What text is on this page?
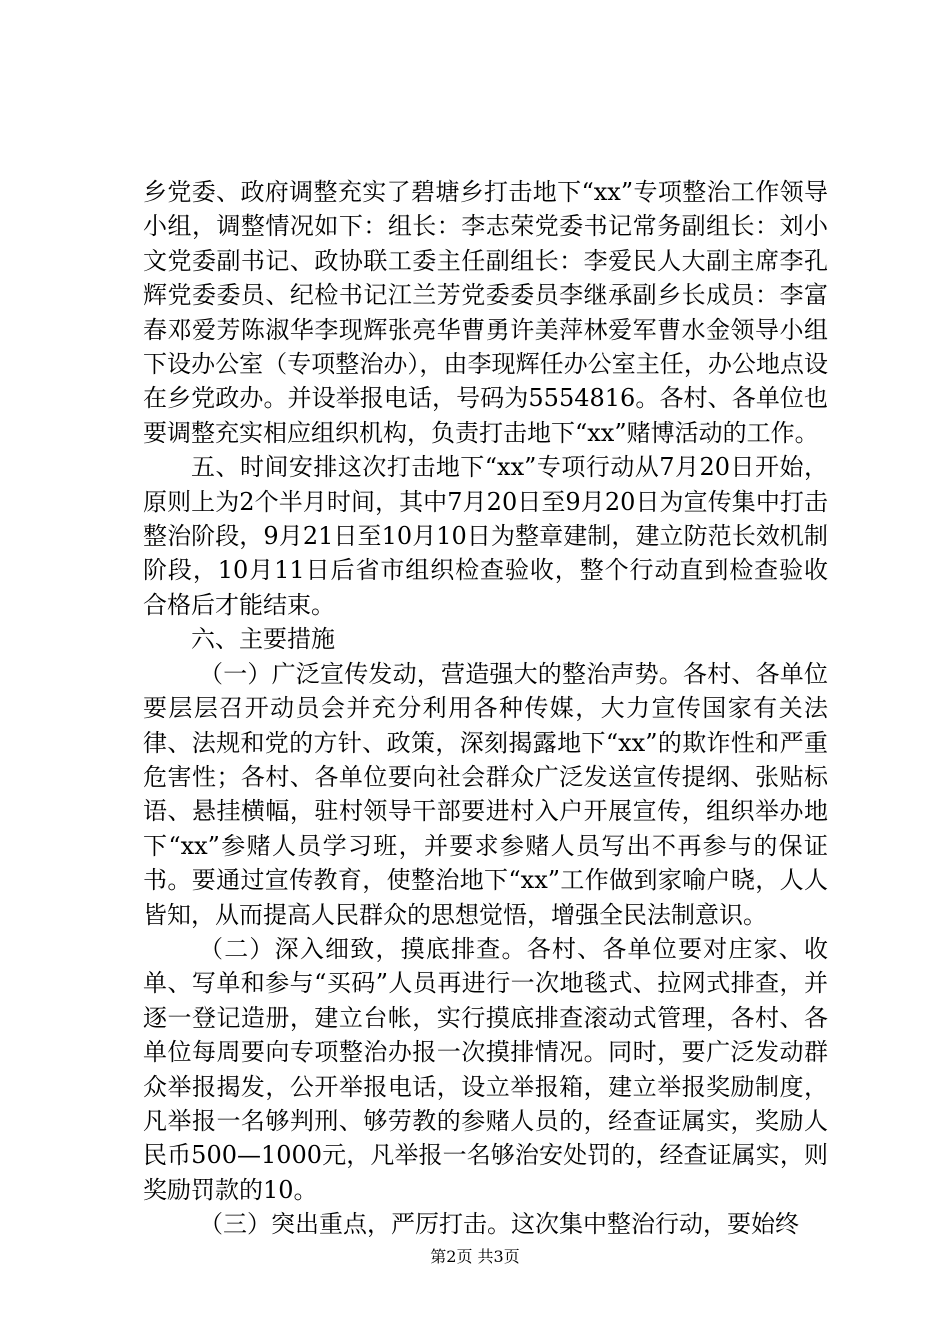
乡党委、政府调整充实了碧塘乡打击地下“xx”专项整治工作领导小组，调整情况如下：组长：李志荣党委书记常务副组长：刘小文党委副书记、政协联工委主任副组长：李爱民人大副主席李孔辉党委委员、纪检书记江兰芳党委委员李继承副乡长成员：李富春邓爱芳陈淑华李现辉张亮华曹勇许美萍林爱军曹水金领导小组下设办公室（专项整治办），由李现辉任办公室主任，办公地点设在乡党政办。并设举报电话，号码为5554816。各村、各单位也要调整充实相应组织机构，负责打击地下“xx”赌博活动的工作。

五、时间安排这次打击地下“xx”专项行动从7月20日开始，原则上为2个半月时间，其中7月20日至9月20日为宣传集中打击整治阶段，9月21日至10月10日为整章建制，建立防范长效机制阶段，10月11日后省市组织检查验收，整个行动直到检查验收合格后才能结束。

六、主要措施

（一）广泛宣传发动，营造强大的整治声势。各村、各单位要层层召开动员会并充分利用各种传媒，大力宣传国家有关法律、法规和党的方针、政策，深刻揭露地下“xx”的欺诈性和严重危害性；各村、各单位要向社会群众广泛发送宣传提纲、张贴标语、悬挂横幅，驻村领导干部要进村入户开展宣传，组织举办地下“xx”参赌人员学习班，并要求参赌人员写出不再参与的保证书。要通过宣传教育，使整治地下“xx”工作做到家喻户晓，人人皆知，从而提高人民群众的思想觉悟，增强全民法制意识。

（二）深入细致，摸底排查。各村、各单位要对庄家、收单、写单和参与“买码”人员再进行一次地毯式、拉网式排查，并逐一登记造册，建立台帐，实行摸底排查滚动式管理，各村、各单位每周要向专项整治办报一次摸排情况。同时，要广泛发动群众举报揭发，公开举报电话，设立举报箱，建立举报奖励制度，凡举报一名够判刑、够劳教的参赌人员的，经查证属实，奖励人民币500—1000元，凡举报一名够治安处罚的，经查证属实，则奖励罚款的10。

（三）突出重点，严厉打击。这次集中整治行动，要始终

第2页 共3页
